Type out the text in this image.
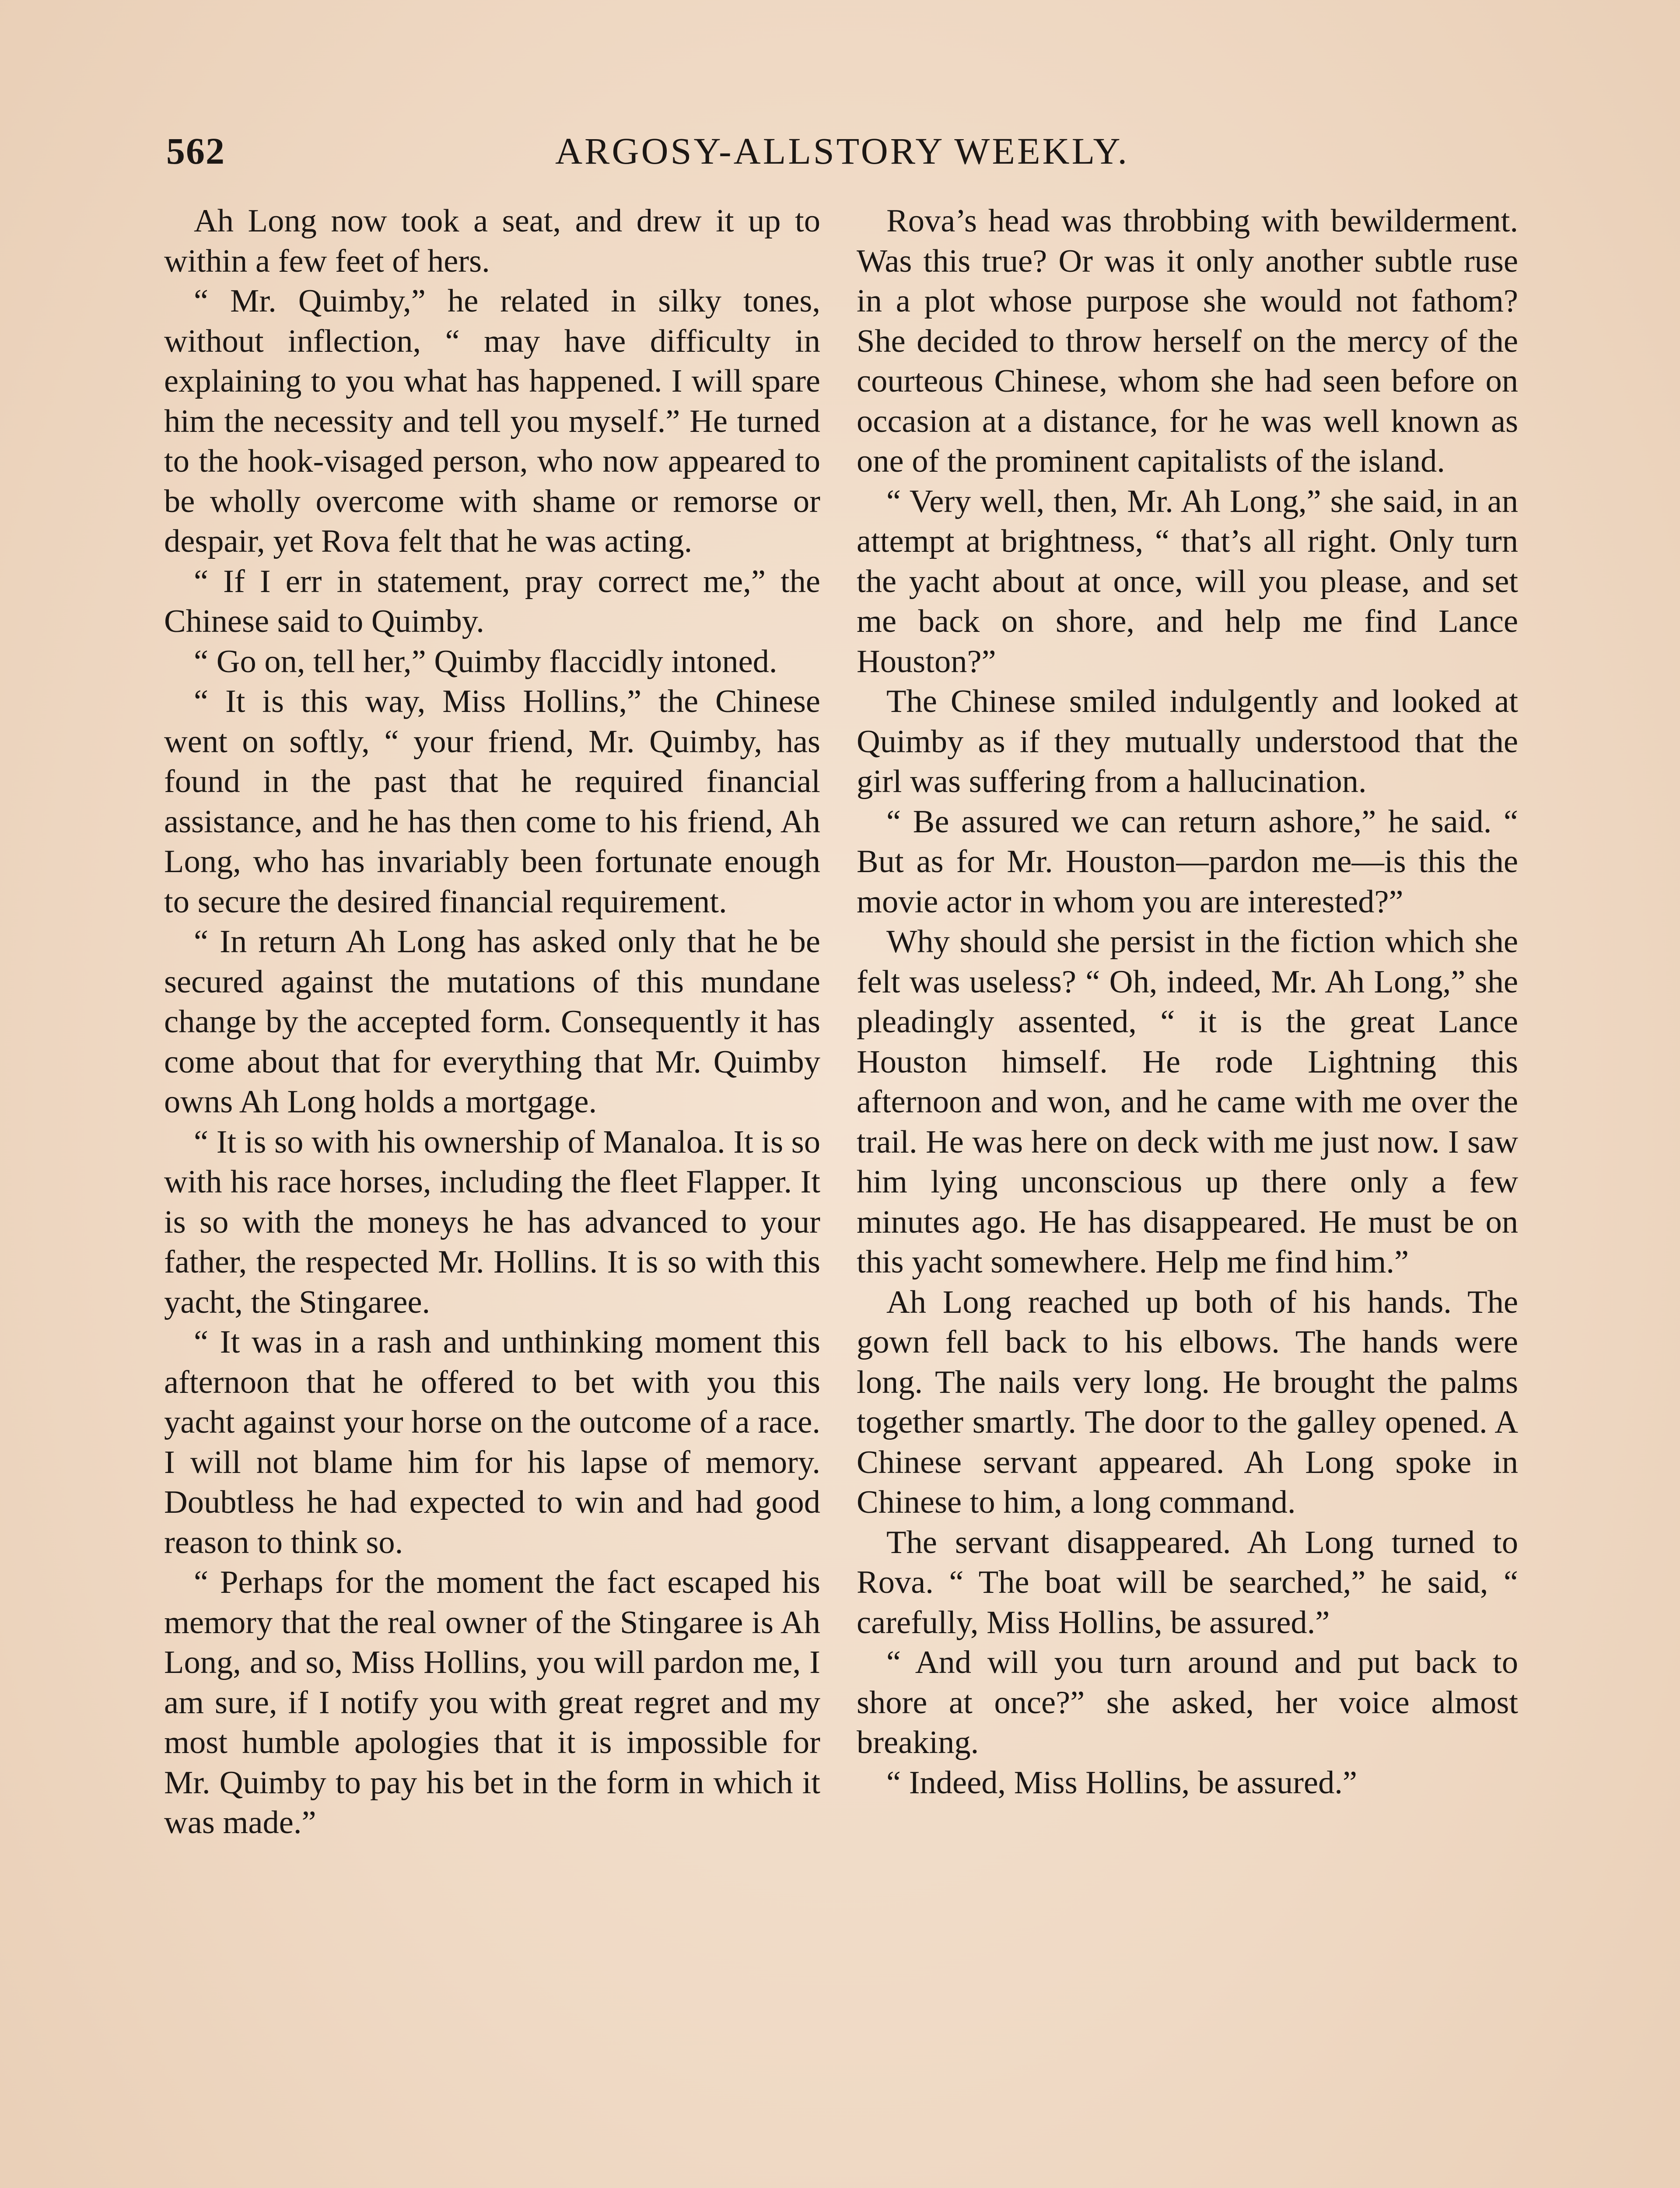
562	ARGOSY-ALLSTORY WEEKLY.

Ah Long now took a seat, and drew it up to within a few feet of hers.

“ Mr. Quimby,” he related in silky tones, without inflection, “ may have difficulty in explaining to you what has happened. I will spare him the necessity and tell you myself.” He turned to the hook-visaged person, who now appeared to be wholly overcome with shame or remorse or despair, yet Rova felt that he was acting.

“ If I err in statement, pray correct me,” the Chinese said to Quimby.

“ Go on, tell her,” Quimby flaccidly intoned.

“ It is this way, Miss Hollins,” the Chinese went on softly, “ your friend, Mr. Quimby, has found in the past that he required financial assistance, and he has then come to his friend, Ah Long, who has invariably been fortunate enough to secure the desired financial requirement.

“ In return Ah Long has asked only that he be secured against the mutations of this mundane change by the accepted form. Consequently it has come about that for everything that Mr. Quimby owns Ah Long holds a mortgage.

“ It is so with his ownership of Manaloa. It is so with his race horses, including the fleet Flapper. It is so with the moneys he has advanced to your father, the respected Mr. Hollins. It is so with this yacht, the Stingaree.

“ It was in a rash and unthinking moment this afternoon that he offered to bet with you this yacht against your horse on the outcome of a race. I will not blame him for his lapse of memory. Doubtless he had expected to win and had good reason to think so.

“ Perhaps for the moment the fact escaped his memory that the real owner of the Stingaree is Ah Long, and so, Miss Hollins, you will pardon me, I am sure, if I notify you with great regret and my most humble apologies that it is impossible for Mr. Quimby to pay his bet in the form in which it was made.”

Rova’s head was throbbing with bewilderment. Was this true? Or was it only another subtle ruse in a plot whose purpose she would not fathom? She decided to throw herself on the mercy of the courteous Chinese, whom she had seen before on occasion at a distance, for he was well known as one of the prominent capitalists of the island.

“ Very well, then, Mr. Ah Long,” she said, in an attempt at brightness, “ that’s all right. Only turn the yacht about at once, will you please, and set me back on shore, and help me find Lance Houston?”

The Chinese smiled indulgently and looked at Quimby as if they mutually understood that the girl was suffering from a hallucination.

“ Be assured we can return ashore,” he said. “ But as for Mr. Houston—pardon me—is this the movie actor in whom you are interested?”

Why should she persist in the fiction which she felt was useless? “ Oh, indeed, Mr. Ah Long,” she pleadingly assented, “ it is the great Lance Houston himself. He rode Lightning this afternoon and won, and he came with me over the trail. He was here on deck with me just now. I saw him lying unconscious up there only a few minutes ago. He has disappeared. He must be on this yacht somewhere. Help me find him.”

Ah Long reached up both of his hands. The gown fell back to his elbows. The hands were long. The nails very long. He brought the palms together smartly. The door to the galley opened. A Chinese servant appeared. Ah Long spoke in Chinese to him, a long command.

The servant disappeared. Ah Long turned to Rova. “ The boat will be searched,” he said, “ carefully, Miss Hollins, be assured.”

“ And will you turn around and put back to shore at once?” she asked, her voice almost breaking.

“ Indeed, Miss Hollins, be assured.”
